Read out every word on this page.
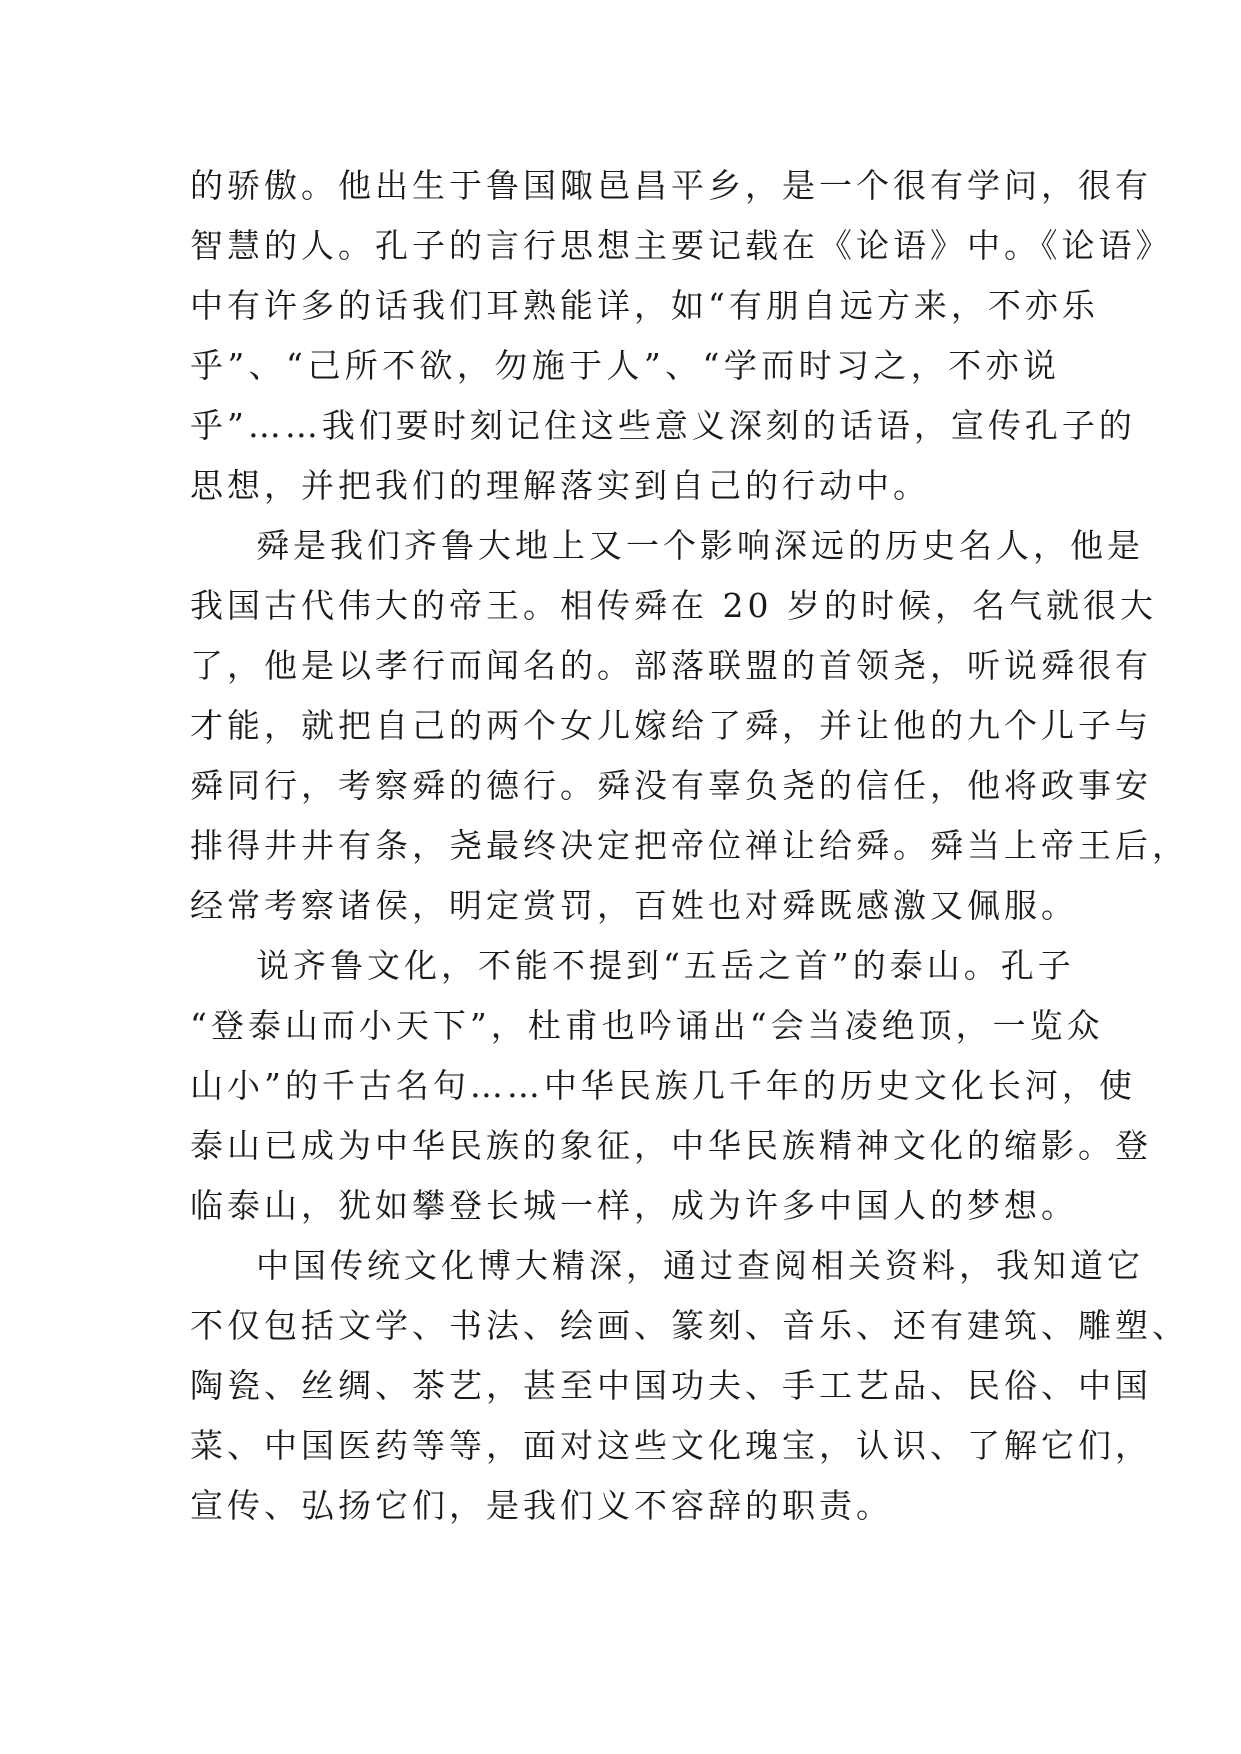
的骄傲。他出生于鲁国陬邑昌平乡，是一个很有学问，很有
智慧的人。孔子的言行思想主要记载在《论语》中。《论语》
中有许多的话我们耳熟能详，如“有朋自远方来，不亦乐
乎”、“己所不欲，勿施于人”、“学而时习之，不亦说
乎”……我们要时刻记住这些意义深刻的话语，宣传孔子的
思想，并把我们的理解落实到自己的行动中。
舜是我们齐鲁大地上又一个影响深远的历史名人，他是
我国古代伟大的帝王。相传舜在 20 岁的时候，名气就很大
了，他是以孝行而闻名的。部落联盟的首领尧，听说舜很有
才能，就把自己的两个女儿嫁给了舜，并让他的九个儿子与
舜同行，考察舜的德行。舜没有辜负尧的信任，他将政事安
排得井井有条，尧最终决定把帝位禅让给舜。舜当上帝王后，
经常考察诸侯，明定赏罚，百姓也对舜既感激又佩服。
说齐鲁文化，不能不提到“五岳之首”的泰山。孔子
“登泰山而小天下”，杜甫也吟诵出“会当凌绝顶，一览众
山小”的千古名句……中华民族几千年的历史文化长河，使
泰山已成为中华民族的象征，中华民族精神文化的缩影。登
临泰山，犹如攀登长城一样，成为许多中国人的梦想。
中国传统文化博大精深，通过查阅相关资料，我知道它
不仅包括文学、书法、绘画、篆刻、音乐、还有建筑、雕塑、
陶瓷、丝绸、茶艺，甚至中国功夫、手工艺品、民俗、中国
菜、中国医药等等，面对这些文化瑰宝，认识、了解它们，
宣传、弘扬它们，是我们义不容辞的职责。
